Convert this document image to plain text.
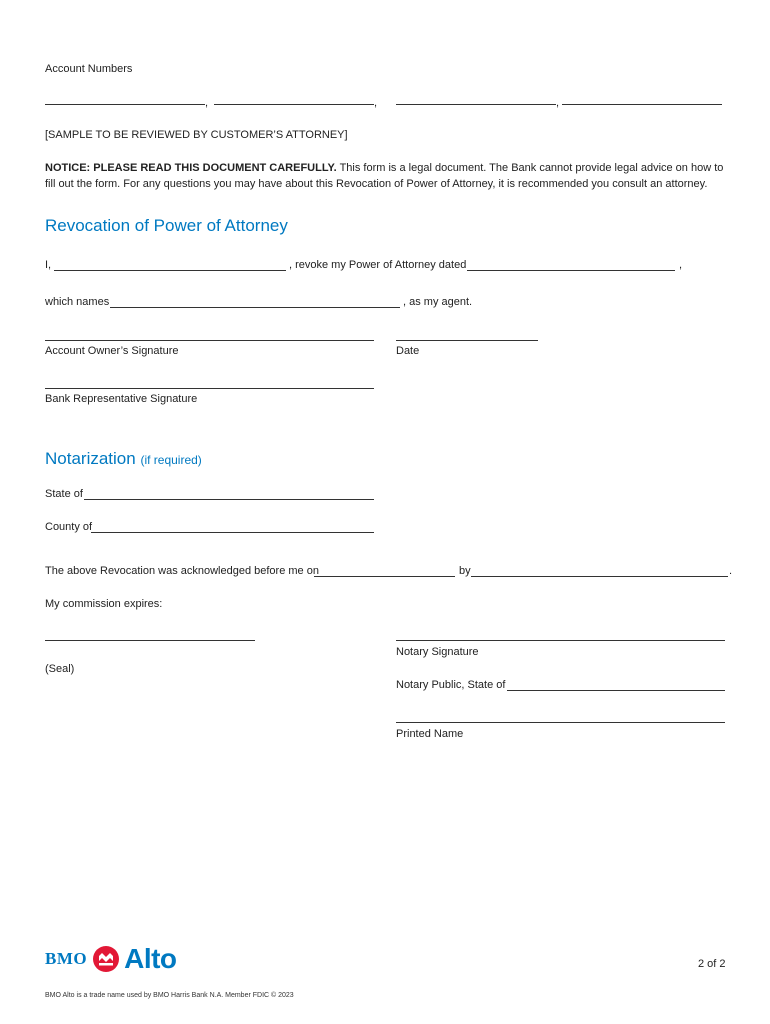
Account Numbers
,	,	,
[SAMPLE TO BE REVIEWED BY CUSTOMER’S ATTORNEY]
NOTICE: PLEASE READ THIS DOCUMENT CAREFULLY. This form is a legal document. The Bank cannot provide legal advice on how to fill out the form. For any questions you may have about this Revocation of Power of Attorney, it is recommended you consult an attorney.
Revocation of Power of Attorney
I,	, revoke my Power of Attorney dated	,
which names	, as my agent.
Account Owner’s Signature	Date
Bank Representative Signature
Notarization (if required)
State of
County of
The above Revocation was acknowledged before me on	by	.
My commission expires:
Notary Signature
(Seal)
Notary Public, State of
Printed Name
BMO Alto	2 of 2
BMO Alto is a trade name used by BMO Harris Bank N.A. Member FDIC © 2023
